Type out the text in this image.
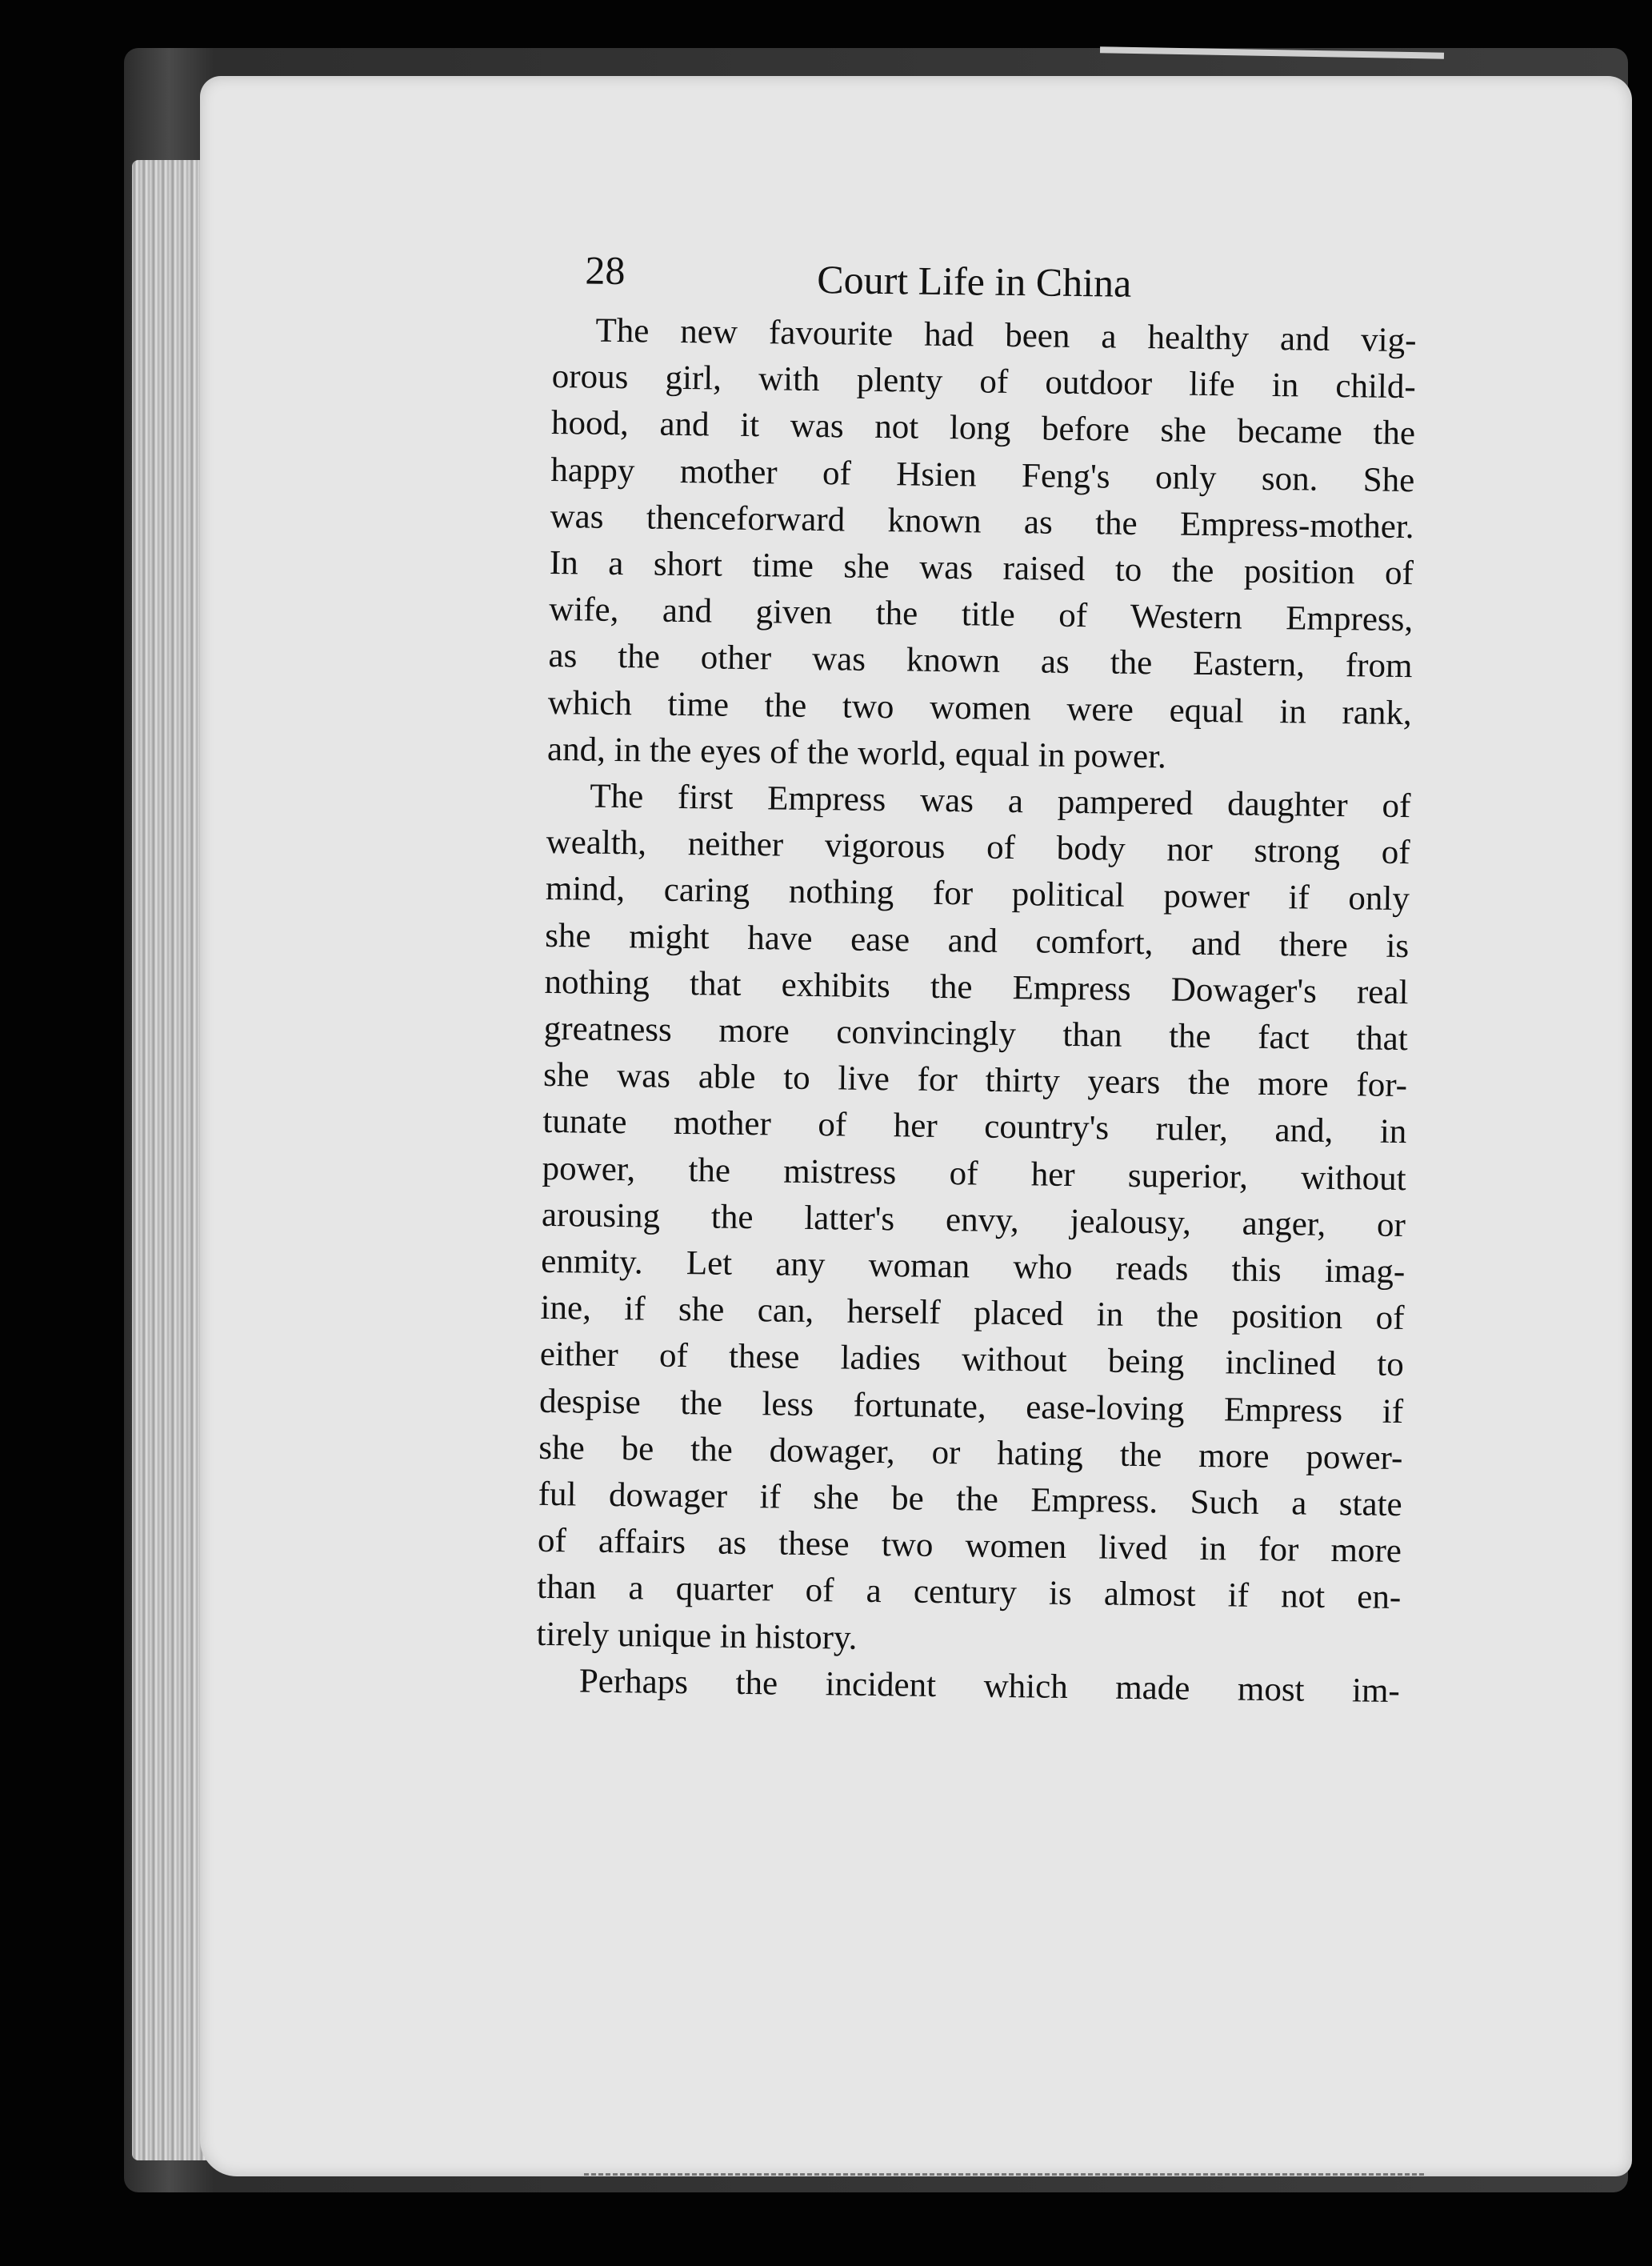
28	Court Life in China
The new favourite had been a healthy and vig-
orous girl, with plenty of outdoor life in child-
hood, and it was not long before she became the
happy mother of Hsien Feng's only son. She
was thenceforward known as the Empress-mother.
In a short time she was raised to the position of
wife, and given the title of Western Empress,
as the other was known as the Eastern, from
which time the two women were equal in rank,
and, in the eyes of the world, equal in power.
The first Empress was a pampered daughter of
wealth, neither vigorous of body nor strong of
mind, caring nothing for political power if only
she might have ease and comfort, and there is
nothing that exhibits the Empress Dowager's real
greatness more convincingly than the fact that
she was able to live for thirty years the more for-
tunate mother of her country's ruler, and, in
power, the mistress of her superior, without
arousing the latter's envy, jealousy, anger, or
enmity. Let any woman who reads this imag-
ine, if she can, herself placed in the position of
either of these ladies without being inclined to
despise the less fortunate, ease-loving Empress if
she be the dowager, or hating the more power-
ful dowager if she be the Empress. Such a state
of affairs as these two women lived in for more
than a quarter of a century is almost if not en-
tirely unique in history.
Perhaps the incident which made most im-
